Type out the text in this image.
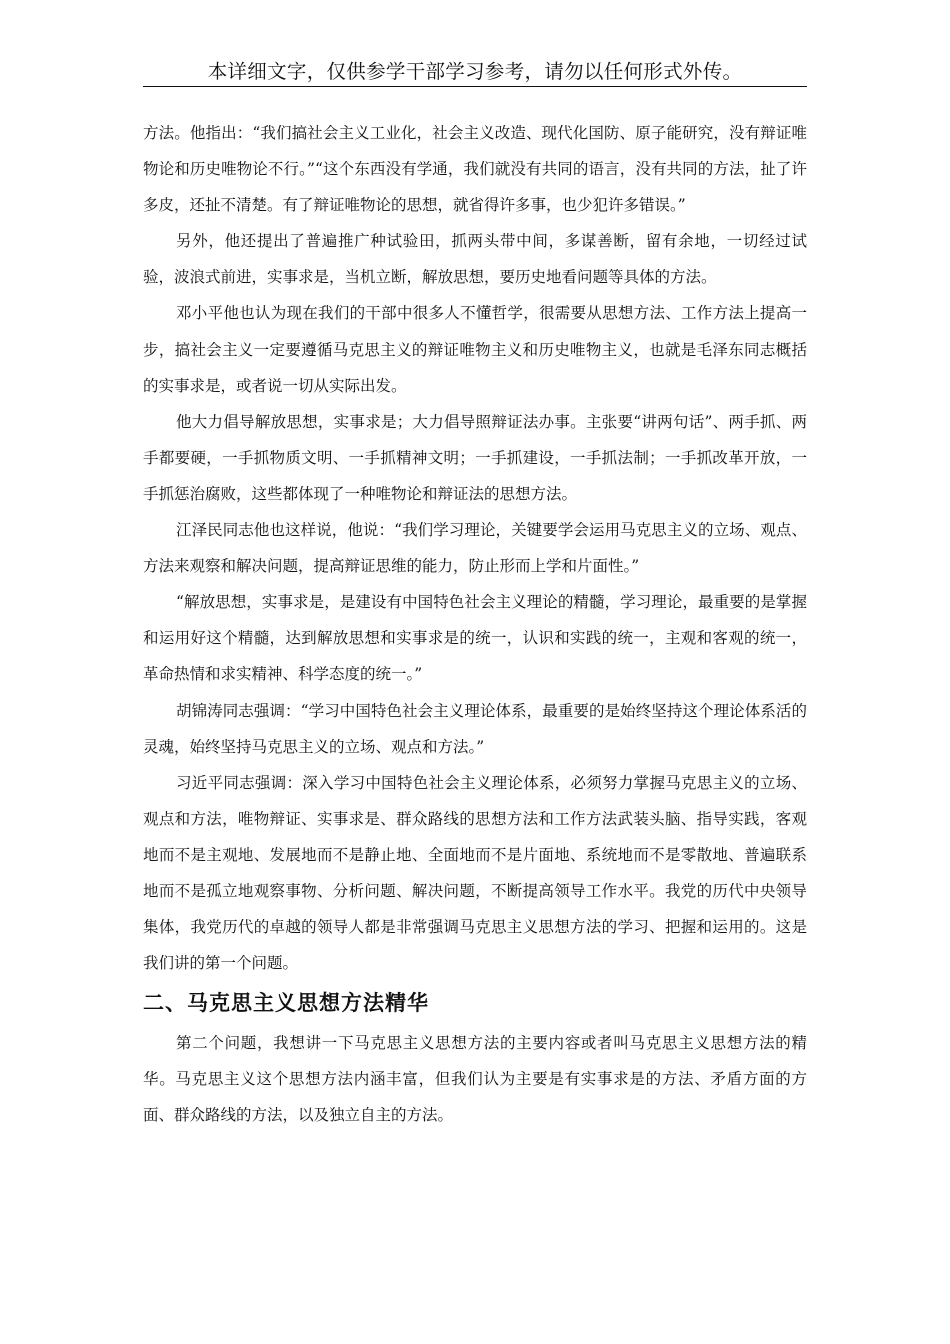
本详细文字，仅供参学干部学习参考，请勿以任何形式外传。

方法。他指出：“我们搞社会主义工业化，社会主义改造、现代化国防、原子能研究，没有辩证唯物论和历史唯物论不行。”“这个东西没有学通，我们就没有共同的语言，没有共同的方法，扯了许多皮，还扯不清楚。有了辩证唯物论的思想，就省得许多事，也少犯许多错误。”

另外，他还提出了普遍推广种试验田，抓两头带中间，多谋善断，留有余地，一切经过试验，波浪式前进，实事求是，当机立断，解放思想，要历史地看问题等具体的方法。

邓小平他也认为现在我们的干部中很多人不懂哲学，很需要从思想方法、工作方法上提高一步，搞社会主义一定要遵循马克思主义的辩证唯物主义和历史唯物主义，也就是毛泽东同志概括的实事求是，或者说一切从实际出发。

他大力倡导解放思想，实事求是；大力倡导照辩证法办事。主张要“讲两句话”、两手抓、两手都要硬，一手抓物质文明、一手抓精神文明；一手抓建设，一手抓法制；一手抓改革开放，一手抓惩治腐败，这些都体现了一种唯物论和辩证法的思想方法。

江泽民同志他也这样说，他说：“我们学习理论，关键要学会运用马克思主义的立场、观点、方法来观察和解决问题，提高辩证思维的能力，防止形而上学和片面性。”

“解放思想，实事求是，是建设有中国特色社会主义理论的精髓，学习理论，最重要的是掌握和运用好这个精髓，达到解放思想和实事求是的统一，认识和实践的统一，主观和客观的统一，革命热情和求实精神、科学态度的统一。”

胡锦涛同志强调：“学习中国特色社会主义理论体系，最重要的是始终坚持这个理论体系活的灵魂，始终坚持马克思主义的立场、观点和方法。”

习近平同志强调：深入学习中国特色社会主义理论体系，必须努力掌握马克思主义的立场、观点和方法，唯物辩证、实事求是、群众路线的思想方法和工作方法武装头脑、指导实践，客观地而不是主观地、发展地而不是静止地、全面地而不是片面地、系统地而不是零散地、普遍联系地而不是孤立地观察事物、分析问题、解决问题，不断提高领导工作水平。我党的历代中央领导集体，我党历代的卓越的领导人都是非常强调马克思主义思想方法的学习、把握和运用的。这是我们讲的第一个问题。

二、马克思主义思想方法精华

第二个问题，我想讲一下马克思主义思想方法的主要内容或者叫马克思主义思想方法的精华。马克思主义这个思想方法内涵丰富，但我们认为主要是有实事求是的方法、矛盾方面的方面、群众路线的方法，以及独立自主的方法。
